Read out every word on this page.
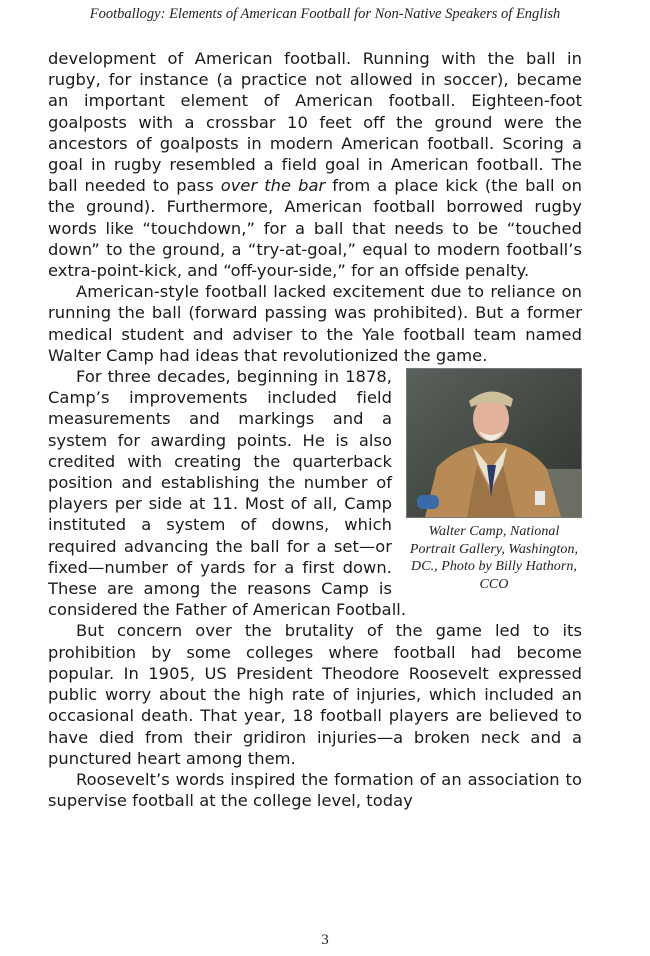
Footballogy: Elements of American Football for Non-Native Speakers of English

development of American football. Running with the ball in rugby, for instance (a practice not allowed in soccer), became an important element of American football. Eighteen-foot goalposts with a crossbar 10 feet off the ground were the ancestors of goalposts in modern American football. Scoring a goal in rugby resembled a field goal in American football. The ball needed to pass over the bar from a place kick (the ball on the ground). Furthermore, American football borrowed rugby words like “touchdown,” for a ball that needs to be “touched down” to the ground, a “try-at-goal,” equal to modern football’s extra-point-kick, and “off-your-side,” for an offside penalty.

American-style football lacked excitement due to reliance on running the ball (forward passing was prohibited). But a former medical student and adviser to the Yale football team named Walter Camp had ideas that revolutionized the game.

Walter Camp, National Portrait Gallery, Washington, DC., Photo by Billy Hathorn, CCO
For three decades, beginning in 1878, Camp’s improvements included field measurements and markings and a system for awarding points. He is also credited with creating the quarterback position and establishing the number of players per side at 11. Most of all, Camp instituted a system of downs, which required advancing the ball for a set—or fixed—number of yards for a first down. These are among the reasons Camp is considered the Father of American Football.

But concern over the brutality of the game led to its prohibition by some colleges where football had become popular. In 1905, US President Theodore Roosevelt expressed public worry about the high rate of injuries, which included an occasional death. That year, 18 football players are believed to have died from their gridiron injuries—a broken neck and a punctured heart among them.

Roosevelt’s words inspired the formation of an association to supervise football at the college level, today

3
